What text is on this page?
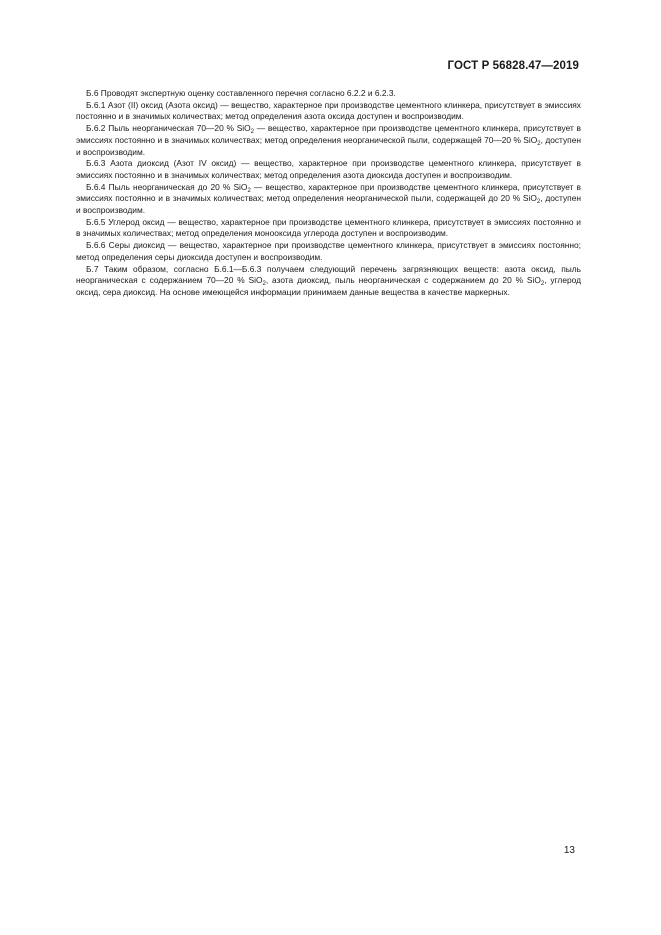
ГОСТ Р 56828.47—2019

Б.6 Проводят экспертную оценку составленного перечня согласно 6.2.2 и 6.2.3.

Б.6.1 Азот (II) оксид (Азота оксид) — вещество, характерное при производстве цементного клинкера, присутствует в эмиссиях постоянно и в значимых количествах; метод определения азота оксида доступен и воспроизводим.

Б.6.2 Пыль неорганическая 70—20 % SiO$_2$ — вещество, характерное при производстве цементного клинкера, присутствует в эмиссиях постоянно и в значимых количествах; метод определения неорганической пыли, содержащей 70—20 % SiO$_2$, доступен и воспроизводим.

Б.6.3 Азота диоксид (Азот IV оксид) — вещество, характерное при производстве цементного клинкера, присутствует в эмиссиях постоянно и в значимых количествах; метод определения азота диоксида доступен и воспроизводим.

Б.6.4 Пыль неорганическая до 20 % SiO$_2$ — вещество, характерное при производстве цементного клинкера, присутствует в эмиссиях постоянно и в значимых количествах; метод определения неорганической пыли, содержащей до 20 % SiO$_2$, доступен и воспроизводим.

Б.6.5 Углерод оксид — вещество, характерное при производстве цементного клинкера, присутствует в эмиссиях постоянно и в значимых количествах; метод определения монооксида углерода доступен и воспроизводим.

Б.6.6 Серы диоксид — вещество, характерное при производстве цементного клинкера, присутствует в эмиссиях постоянно; метод определения серы диоксида доступен и воспроизводим.

Б.7 Таким образом, согласно Б.6.1—Б.6.3 получаем следующий перечень загрязняющих веществ: азота оксид, пыль неорганическая с содержанием 70—20 % SiO$_2$, азота диоксид, пыль неорганическая с содержанием до 20 % SiO$_2$, углерод оксид, сера диоксид. На основе имеющейся информации принимаем данные вещества в качестве маркерных.

13
